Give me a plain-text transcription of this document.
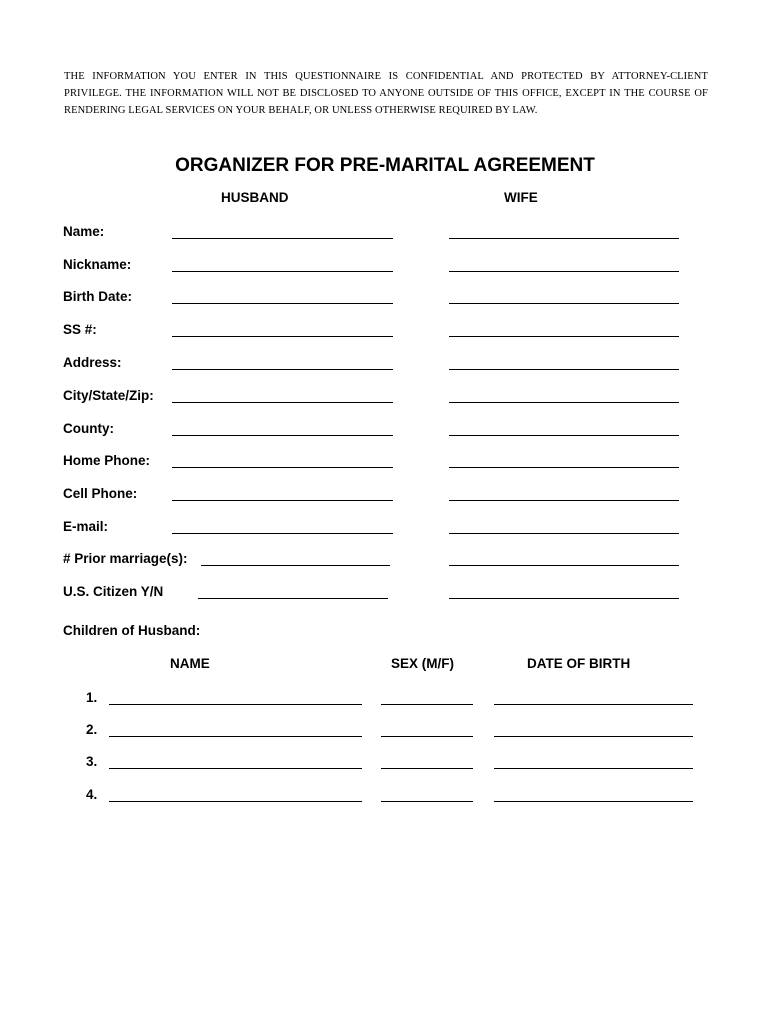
THE INFORMATION YOU ENTER IN THIS QUESTIONNAIRE IS CONFIDENTIAL AND PROTECTED BY ATTORNEY-CLIENT PRIVILEGE. THE INFORMATION WILL NOT BE DISCLOSED TO ANYONE OUTSIDE OF THIS OFFICE, EXCEPT IN THE COURSE OF RENDERING LEGAL SERVICES ON YOUR BEHALF, OR UNLESS OTHERWISE REQUIRED BY LAW.
ORGANIZER FOR PRE-MARITAL AGREEMENT
HUSBAND	WIFE
Name:
Nickname:
Birth Date:
SS #:
Address:
City/State/Zip:
County:
Home Phone:
Cell Phone:
E-mail:
# Prior marriage(s):
U.S. Citizen Y/N
Children of Husband:
NAME	SEX (M/F)	DATE OF BIRTH
1.
2.
3.
4.
